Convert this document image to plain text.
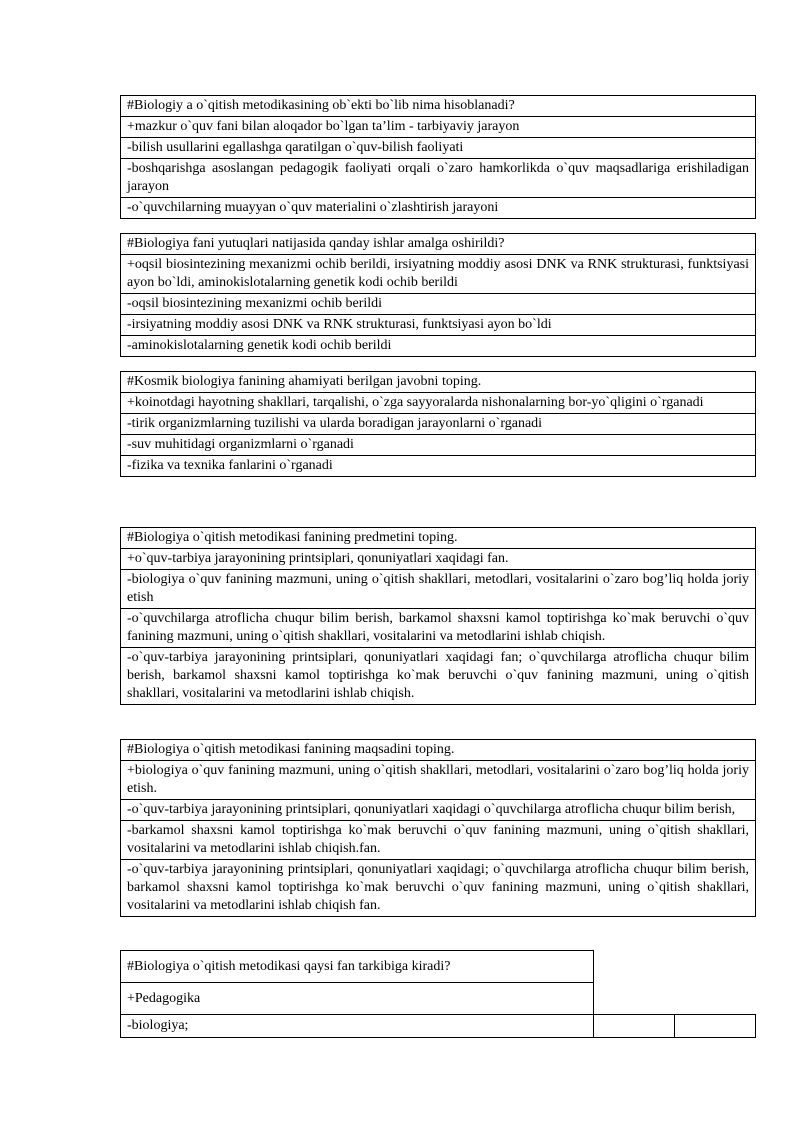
#Biologiy a o`qitish metodikasining ob`ekti bo`lib nima hisoblanadi?
+mazkur o`quv fani bilan aloqador bo`lgan ta’lim - tarbiyaviy jarayon
-bilish usullarini egallashga qaratilgan o`quv-bilish faoliyati
-boshqarishga asoslangan pedagogik faoliyati orqali o`zaro hamkorlikda o`quv maqsadlariga erishiladigan jarayon
-o`quvchilarning muayyan o`quv materialini o`zlashtirish jarayoni
#Biologiya fani yutuqlari natijasida qanday ishlar amalga oshirildi?
+oqsil biosintezining mexanizmi ochib berildi, irsiyatning moddiy asosi DNK va RNK strukturasi, funktsiyasi ayon bo`ldi, aminokislotalarning genetik kodi ochib berildi
-oqsil biosintezining mexanizmi ochib berildi
-irsiyatning moddiy asosi DNK va RNK strukturasi, funktsiyasi ayon bo`ldi
-aminokislotalarning genetik kodi ochib berildi
#Kosmik biologiya fanining ahamiyati berilgan javobni toping.
+koinotdagi hayotning shakllari, tarqalishi, o`zga sayyoralarda nishonalarning bor-yo`qligini o`rganadi
-tirik organizmlarning tuzilishi va ularda boradigan jarayonlarni o`rganadi
-suv muhitidagi organizmlarni o`rganadi
-fizika va texnika fanlarini o`rganadi
#Biologiya o`qitish metodikasi fanining predmetini toping.
+o`quv-tarbiya jarayonining printsiplari, qonuniyatlari xaqidagi fan.
-biologiya o`quv fanining mazmuni, uning o`qitish shakllari, metodlari, vositalarini o`zaro bog’liq holda joriy etish
-o`quvchilarga atroflicha chuqur bilim berish, barkamol shaxsni kamol toptirishga ko`mak beruvchi o`quv fanining mazmuni, uning o`qitish shakllari, vositalarini va metodlarini ishlab chiqish.
-o`quv-tarbiya jarayonining printsiplari, qonuniyatlari xaqidagi fan; o`quvchilarga atroflicha chuqur bilim berish, barkamol shaxsni kamol toptirishga ko`mak beruvchi o`quv fanining mazmuni, uning o`qitish shakllari, vositalarini va metodlarini ishlab chiqish.
#Biologiya o`qitish metodikasi fanining maqsadini toping.
+biologiya o`quv fanining mazmuni, uning o`qitish shakllari, metodlari, vositalarini o`zaro bog’liq holda joriy etish.
-o`quv-tarbiya jarayonining printsiplari, qonuniyatlari xaqidagi o`quvchilarga atroflicha chuqur bilim berish,
-barkamol shaxsni kamol toptirishga ko`mak beruvchi o`quv fanining mazmuni, uning o`qitish shakllari, vositalarini va metodlarini ishlab chiqish.fan.
-o`quv-tarbiya jarayonining printsiplari, qonuniyatlari xaqidagi; o`quvchilarga atroflicha chuqur bilim berish, barkamol shaxsni kamol toptirishga ko`mak beruvchi o`quv fanining mazmuni, uning o`qitish shakllari, vositalarini va metodlarini ishlab chiqish fan.
#Biologiya o`qitish metodikasi qaysi fan tarkibiga kiradi?		
+Pedagogika		
-biologiya;		
